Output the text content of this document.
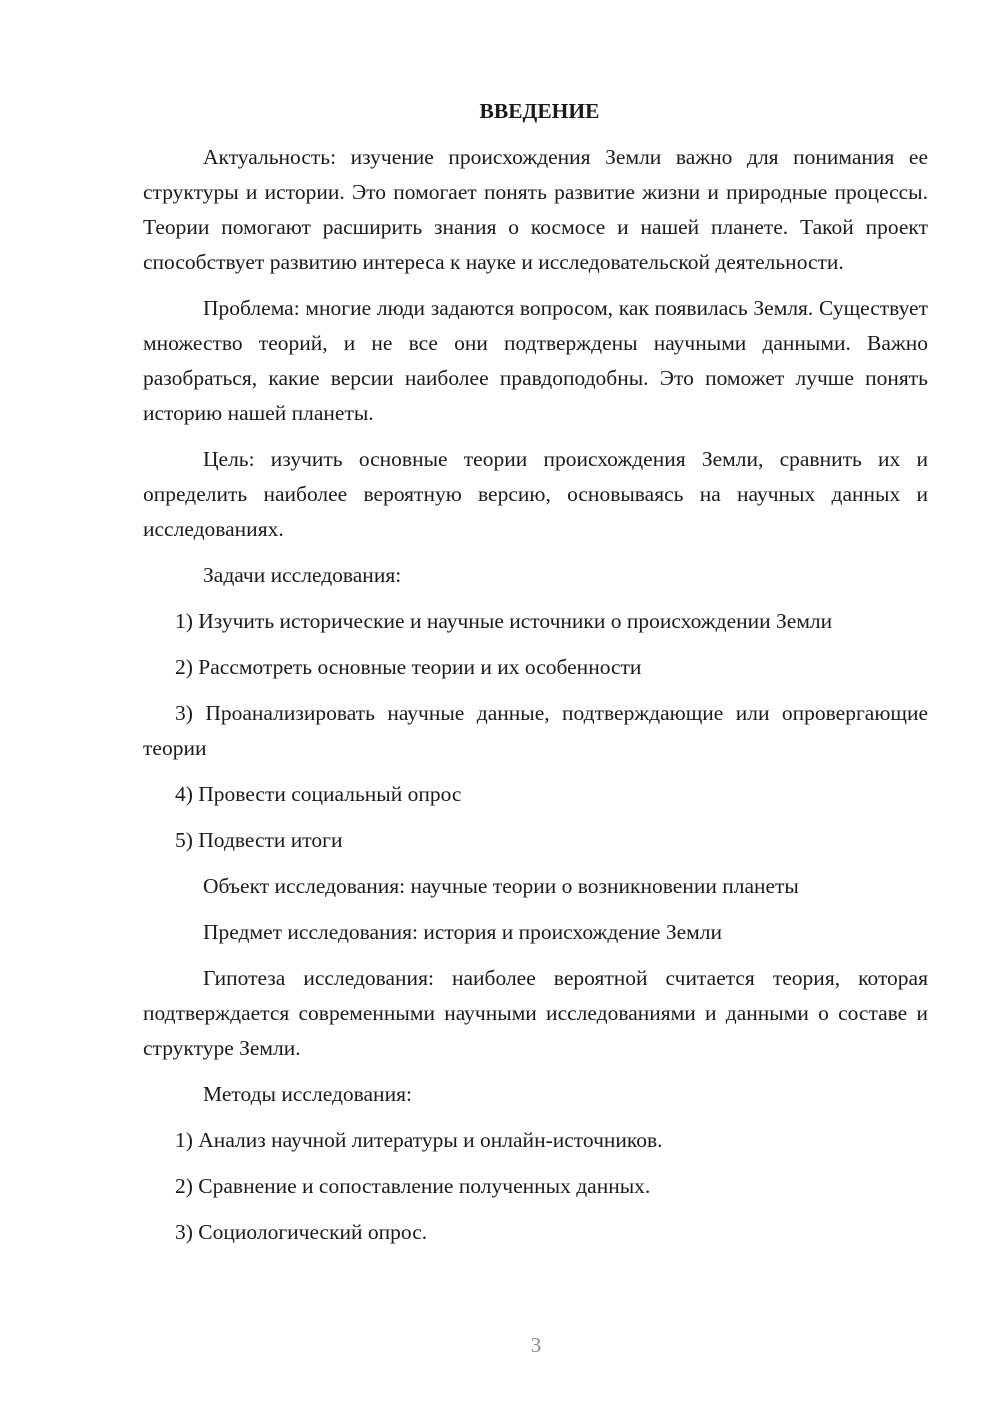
ВВЕДЕНИЕ

Актуальность: изучение происхождения Земли важно для понимания ее структуры и истории. Это помогает понять развитие жизни и природные процессы. Теории помогают расширить знания о космосе и нашей планете. Такой проект способствует развитию интереса к науке и исследовательской деятельности.

Проблема: многие люди задаются вопросом, как появилась Земля. Существует множество теорий, и не все они подтверждены научными данными. Важно разобраться, какие версии наиболее правдоподобны. Это поможет лучше понять историю нашей планеты.

Цель: изучить основные теории происхождения Земли, сравнить их и определить наиболее вероятную версию, основываясь на научных данных и исследованиях.

Задачи исследования:

1) Изучить исторические и научные источники о происхождении Земли

2) Рассмотреть основные теории и их особенности

3) Проанализировать научные данные, подтверждающие или опровергающие теории

4) Провести социальный опрос

5) Подвести итоги

Объект исследования: научные теории о возникновении планеты

Предмет исследования: история и происхождение Земли

Гипотеза исследования: наиболее вероятной считается теория, которая подтверждается современными научными исследованиями и данными о составе и структуре Земли.

Методы исследования:

1) Анализ научной литературы и онлайн-источников.

2) Сравнение и сопоставление полученных данных.

3) Социологический опрос.

3
